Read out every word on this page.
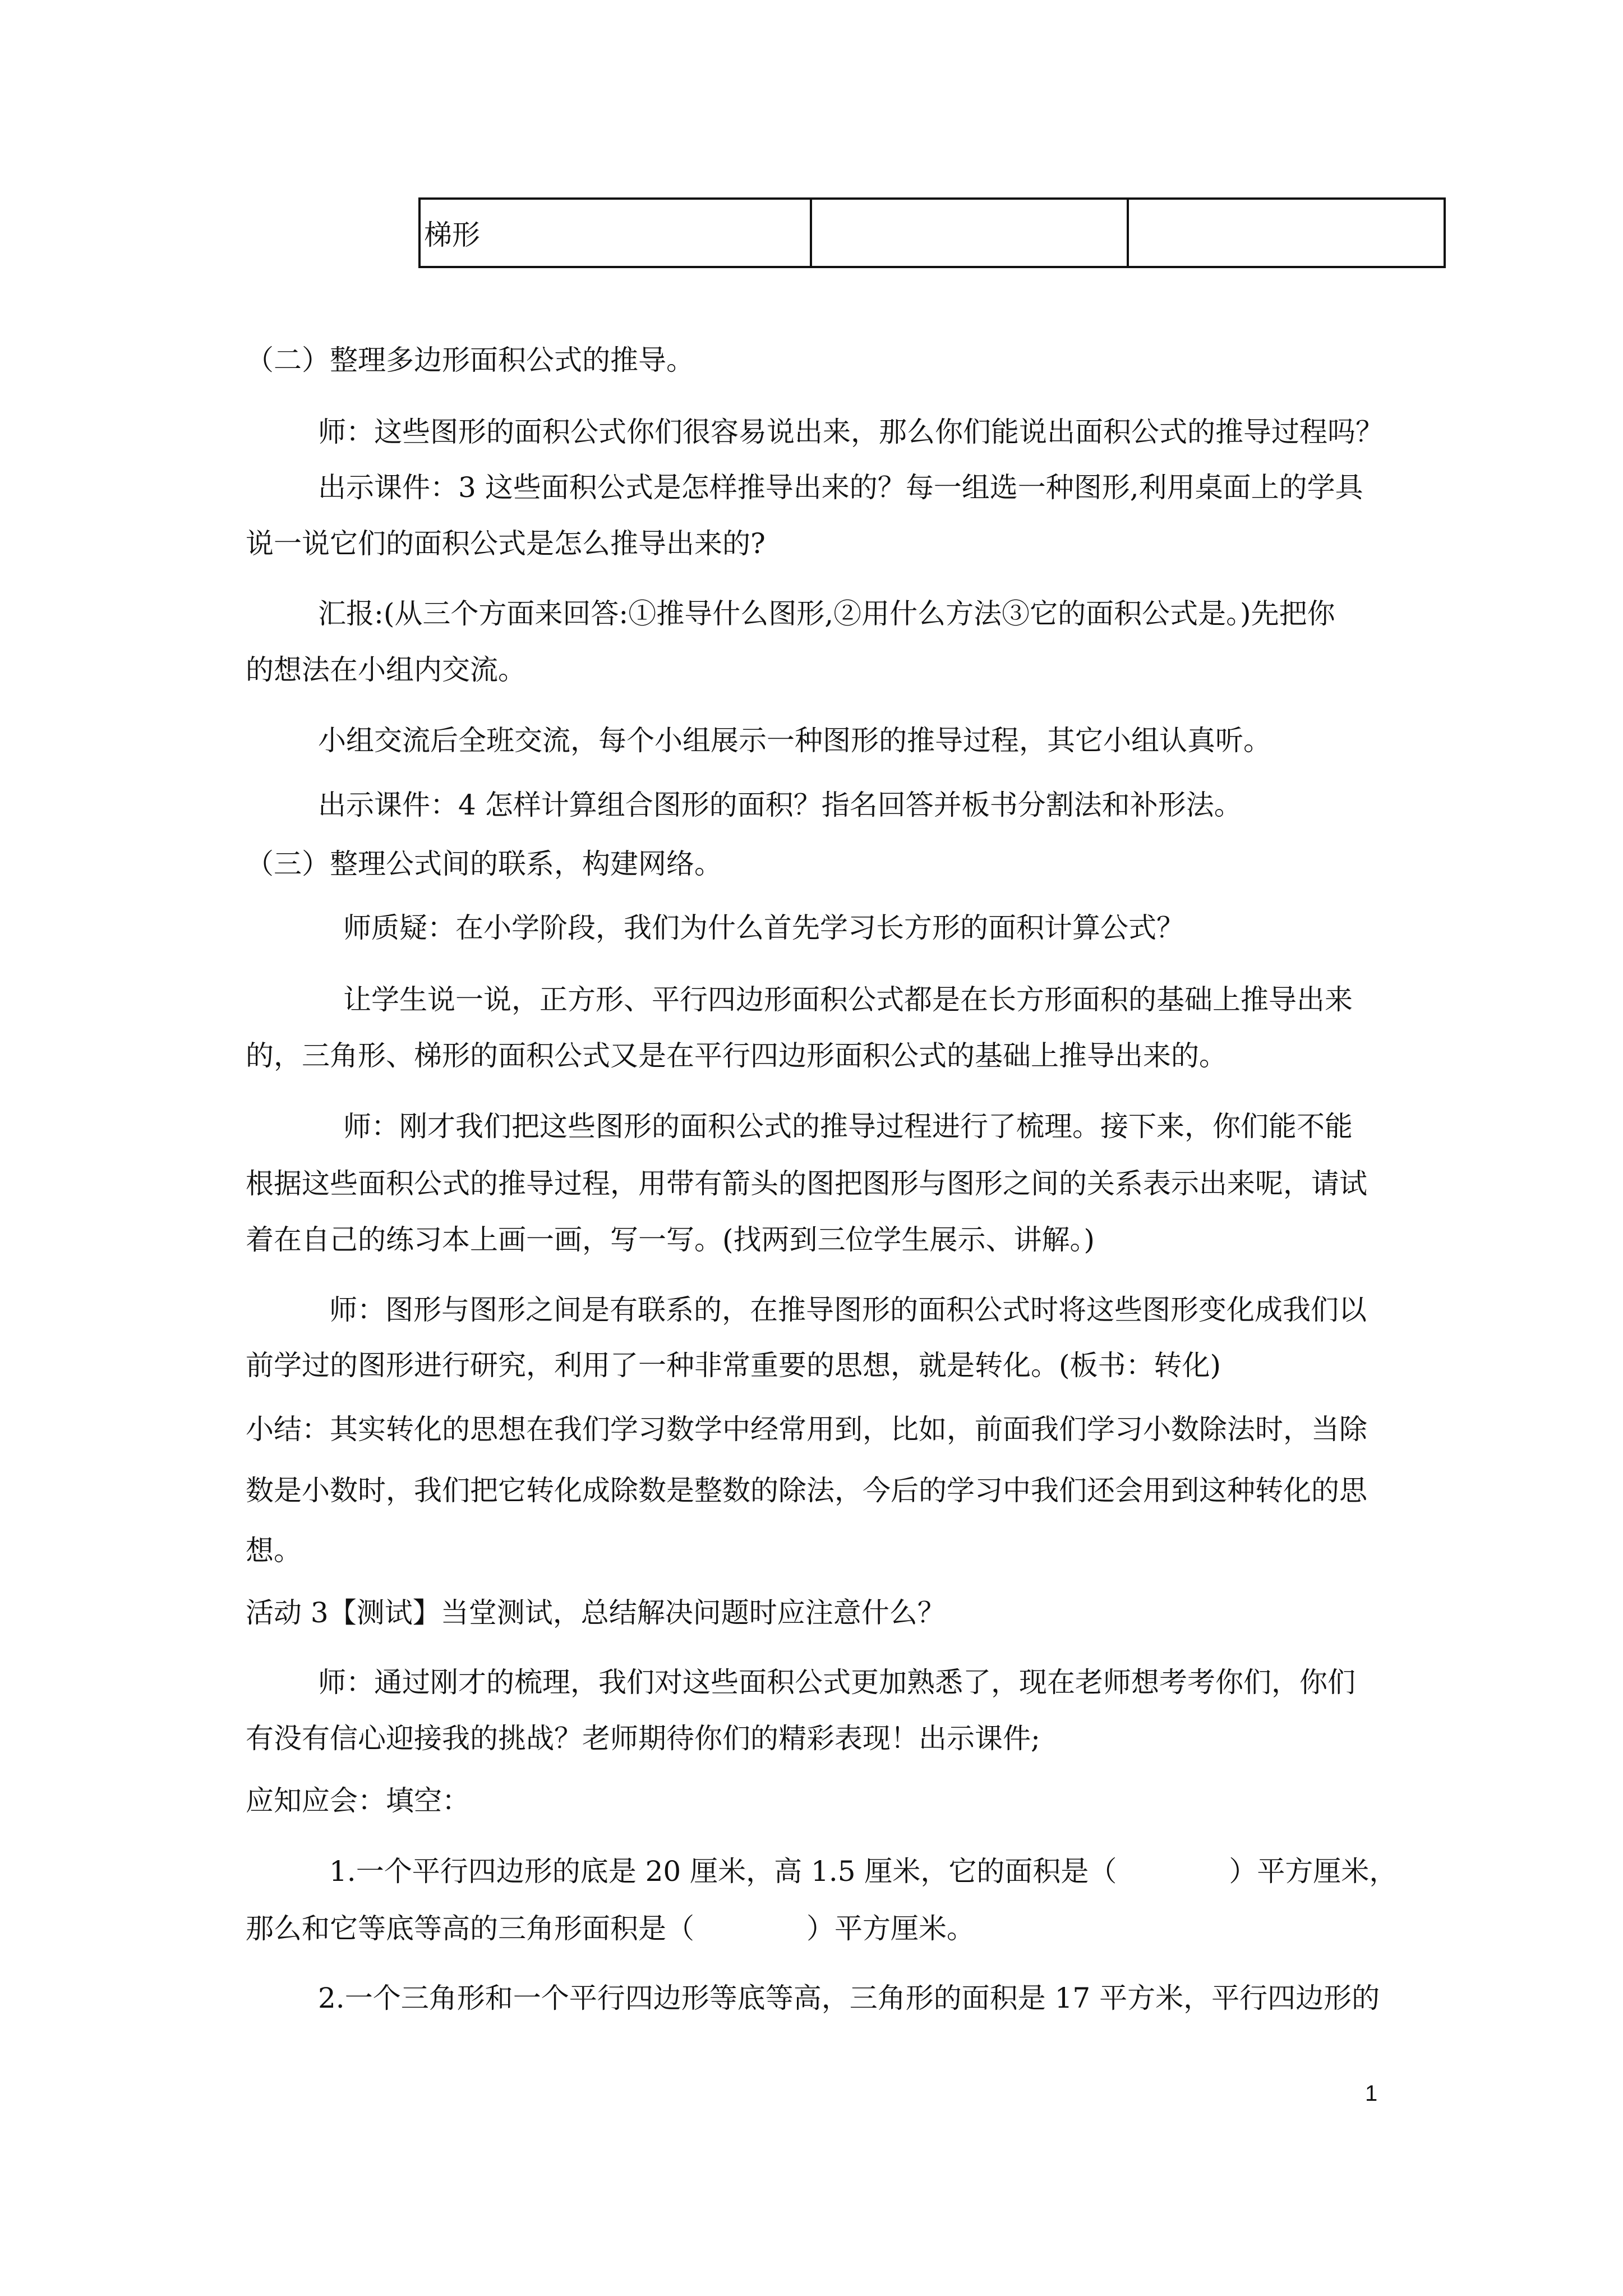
梯形		
（二）整理多边形面积公式的推导。
师：这些图形的面积公式你们很容易说出来，那么你们能说出面积公式的推导过程吗？
出示课件：3 这些面积公式是怎样推导出来的？每一组选一种图形,利用桌面上的学具
说一说它们的面积公式是怎么推导出来的?
汇报:(从三个方面来回答:①推导什么图形,②用什么方法③它的面积公式是。)先把你
的想法在小组内交流。
小组交流后全班交流，每个小组展示一种图形的推导过程，其它小组认真听。
出示课件：4 怎样计算组合图形的面积？指名回答并板书分割法和补形法。
（三）整理公式间的联系，构建网络。
师质疑：在小学阶段，我们为什么首先学习长方形的面积计算公式？
让学生说一说，正方形、平行四边形面积公式都是在长方形面积的基础上推导出来
的，三角形、梯形的面积公式又是在平行四边形面积公式的基础上推导出来的。
师：刚才我们把这些图形的面积公式的推导过程进行了梳理。接下来，你们能不能
根据这些面积公式的推导过程，用带有箭头的图把图形与图形之间的关系表示出来呢，请试
着在自己的练习本上画一画，写一写。(找两到三位学生展示、讲解。)
师：图形与图形之间是有联系的，在推导图形的面积公式时将这些图形变化成我们以
前学过的图形进行研究，利用了一种非常重要的思想，就是转化。(板书：转化)
小结：其实转化的思想在我们学习数学中经常用到，比如，前面我们学习小数除法时，当除
数是小数时，我们把它转化成除数是整数的除法，今后的学习中我们还会用到这种转化的思
想。
活动 3【测试】当堂测试，总结解决问题时应注意什么？
师：通过刚才的梳理，我们对这些面积公式更加熟悉了，现在老师想考考你们，你们
有没有信心迎接我的挑战？老师期待你们的精彩表现！出示课件;
应知应会：填空：
1.一个平行四边形的底是 20 厘米，高 1.5 厘米，它的面积是（　　　　）平方厘米，
那么和它等底等高的三角形面积是（　　　　）平方厘米。
2.一个三角形和一个平行四边形等底等高，三角形的面积是 17 平方米，平行四边形的
1
